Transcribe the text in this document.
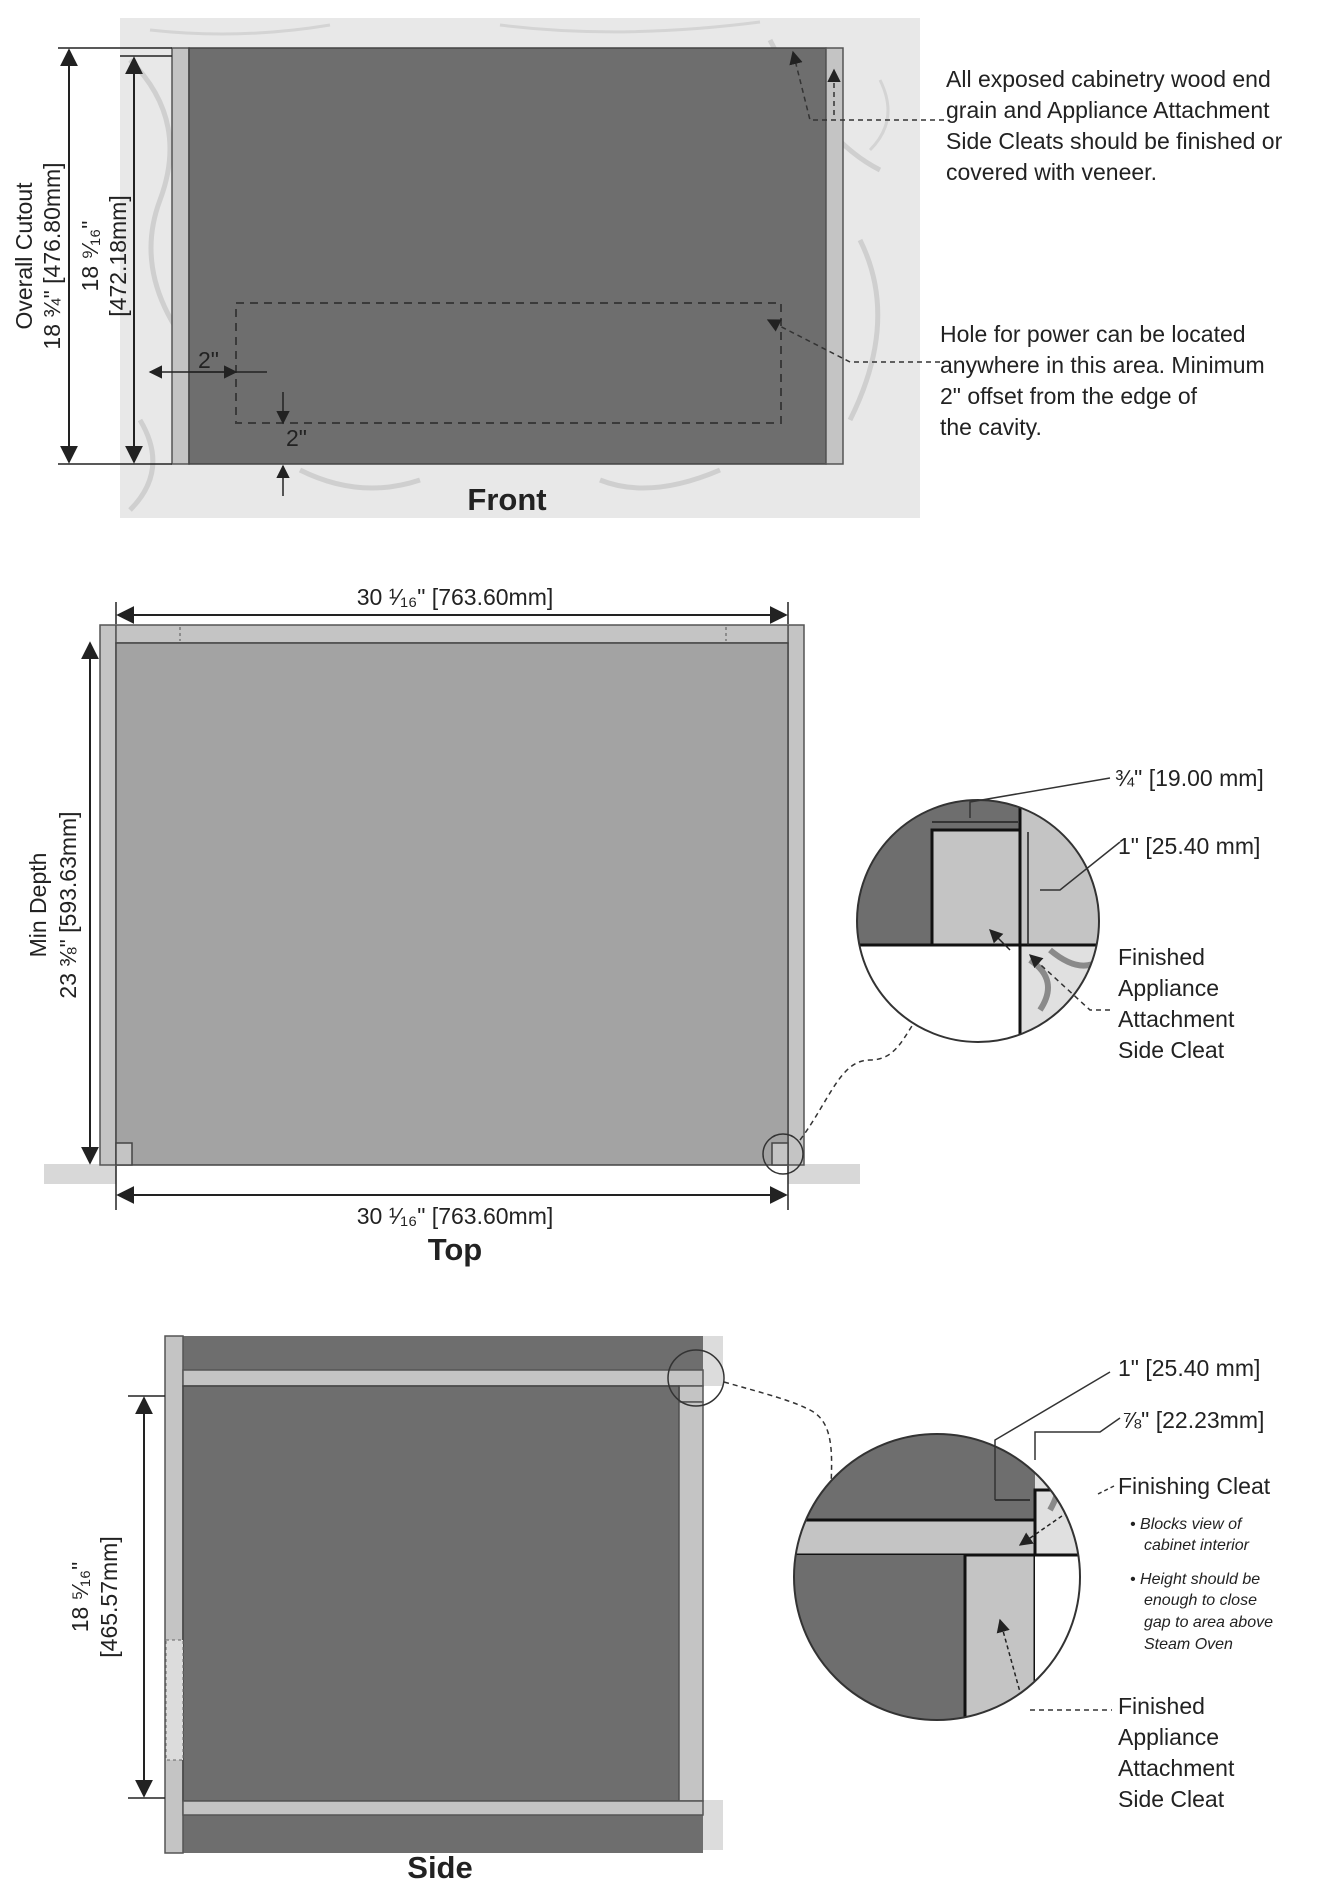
Overall Cutout 18 ¾" [476.80mm] 18 ⁹⁄₁₆" [472.18mm]
2"
2"
All exposed cabinetry wood end
grain and Appliance Attachment
Side Cleats should be finished or
covered with veneer.
Hole for power can be located
anywhere in this area. Minimum
2" offset from the edge of
the cavity.
Front
30 ¹⁄₁₆" [763.60mm]
30 ¹⁄₁₆" [763.60mm]
Top
Min Depth 23 ⅜" [593.63mm]
¾" [19.00 mm]
1" [25.40 mm]
Finished
Appliance
Attachment
Side Cleat
18 ⁵⁄₁₆" [465.57mm]
Side
1" [25.40 mm]
⅞" [22.23mm]
Finishing Cleat
• Blocks view of
cabinet interior
• Height should be
enough to close
gap to area above
Steam Oven
Finished
Appliance
Attachment
Side Cleat
